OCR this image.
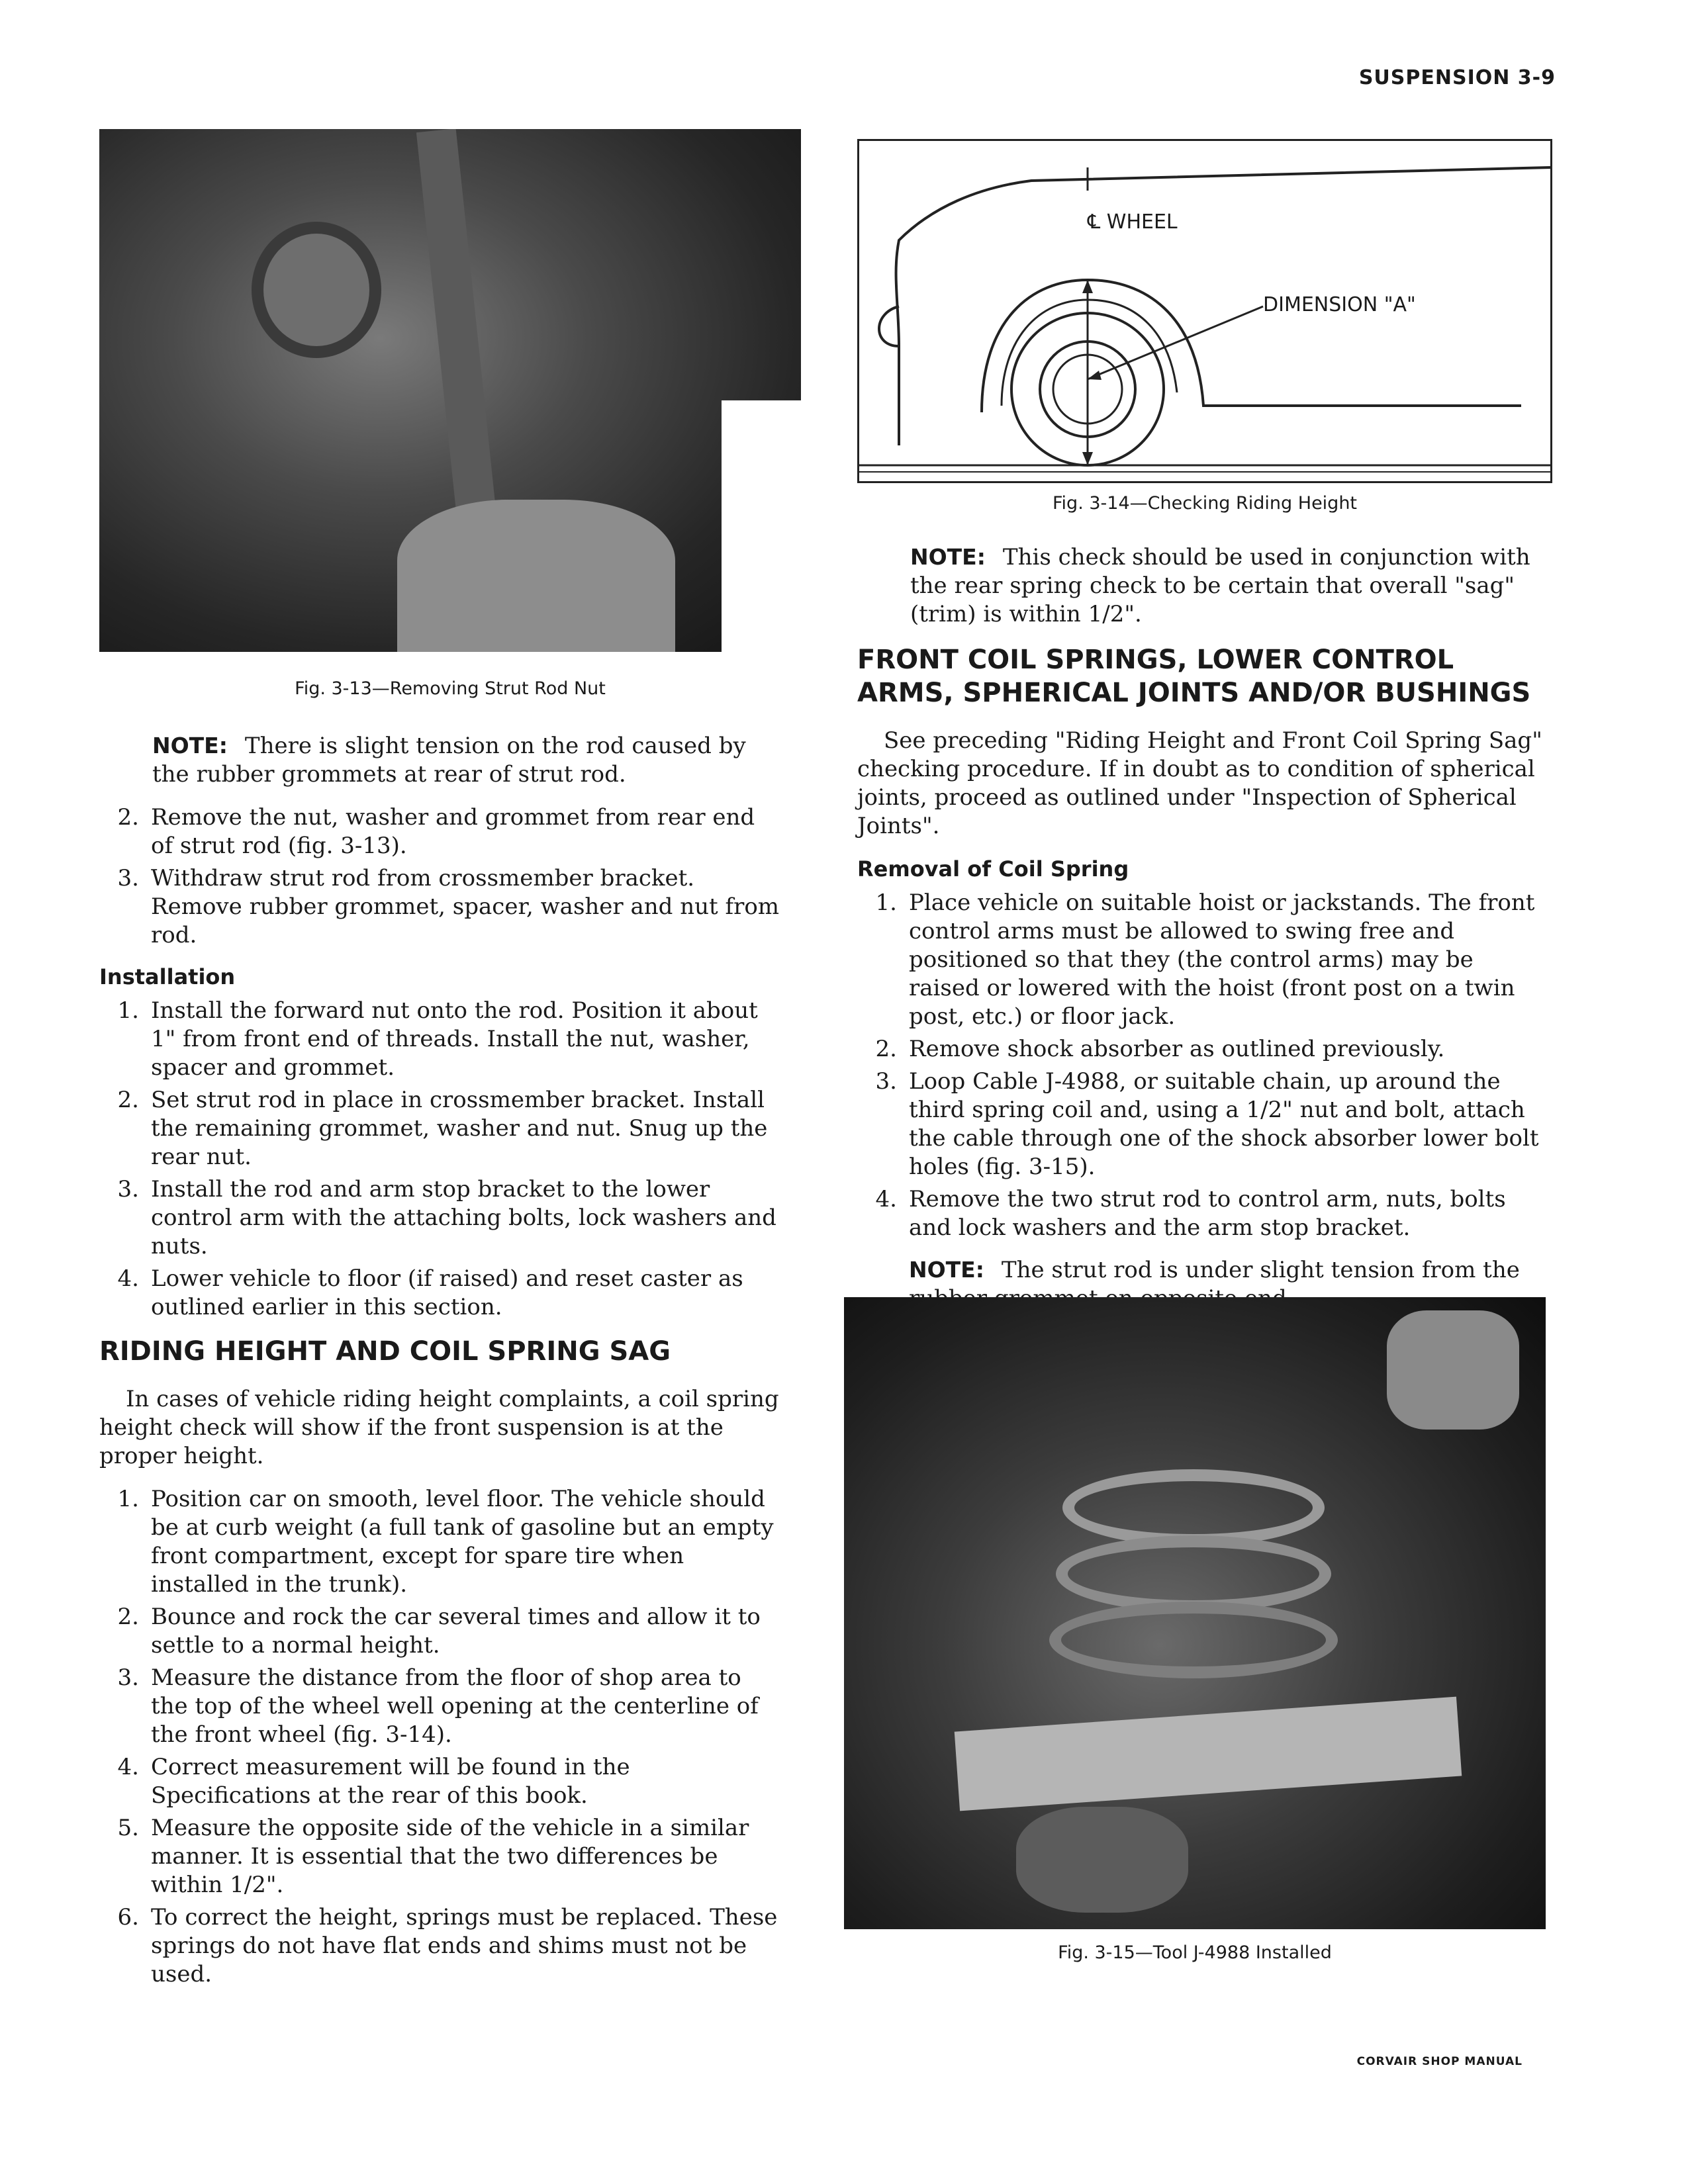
SUSPENSION 3-9
Fig. 3-13—Removing Strut Rod Nut

NOTE: There is slight tension on the rod caused by the rubber grommets at rear of strut rod.

2. Remove the nut, washer and grommet from rear end of strut rod (fig. 3-13).
3. Withdraw strut rod from crossmember bracket. Remove rubber grommet, spacer, washer and nut from rod.
Installation
1. Install the forward nut onto the rod. Position it about 1" from front end of threads. Install the nut, washer, spacer and grommet.
2. Set strut rod in place in crossmember bracket. Install the remaining grommet, washer and nut. Snug up the rear nut.
3. Install the rod and arm stop bracket to the lower control arm with the attaching bolts, lock washers and nuts.
4. Lower vehicle to floor (if raised) and reset caster as outlined earlier in this section.
RIDING HEIGHT AND COIL SPRING SAG

In cases of vehicle riding height complaints, a coil spring height check will show if the front suspension is at the proper height.

1. Position car on smooth, level floor. The vehicle should be at curb weight (a full tank of gasoline but an empty front compartment, except for spare tire when installed in the trunk).
2. Bounce and rock the car several times and allow it to settle to a normal height.
3. Measure the distance from the floor of shop area to the top of the wheel well opening at the centerline of the front wheel (fig. 3-14).
4. Correct measurement will be found in the Specifications at the rear of this book.
5. Measure the opposite side of the vehicle in a similar manner. It is essential that the two differences be within 1/2".
6. To correct the height, springs must be replaced. These springs do not have flat ends and shims must not be used.
℄ WHEEL
DIMENSION "A"
Fig. 3-14—Checking Riding Height

NOTE: This check should be used in conjunction with the rear spring check to be certain that overall "sag" (trim) is within 1/2".

FRONT COIL SPRINGS, LOWER CONTROL ARMS, SPHERICAL JOINTS AND/OR BUSHINGS

See preceding "Riding Height and Front Coil Spring Sag" checking procedure. If in doubt as to condition of spherical joints, proceed as outlined under "Inspection of Spherical Joints".

Removal of Coil Spring
1. Place vehicle on suitable hoist or jackstands. The front control arms must be allowed to swing free and positioned so that they (the control arms) may be raised or lowered with the hoist (front post on a twin post, etc.) or floor jack.
2. Remove shock absorber as outlined previously.
3. Loop Cable J-4988, or suitable chain, up around the third spring coil and, using a 1/2" nut and bolt, attach the cable through one of the shock absorber lower bolt holes (fig. 3-15).
4. Remove the two strut rod to control arm, nuts, bolts and lock washers and the arm stop bracket.

NOTE: The strut rod is under slight tension from the

Fig. 3-15—Tool J-4988 Installed
CORVAIR SHOP MANUAL
